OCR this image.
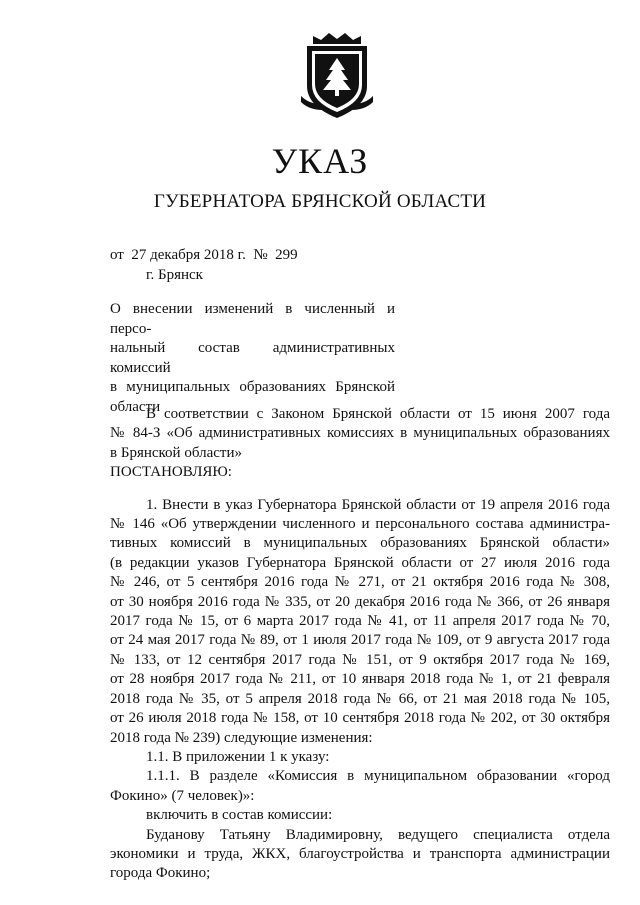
УКАЗ
ГУБЕРНАТОРА БРЯНСКОЙ ОБЛАСТИ
от  27 декабря 2018 г.  №  299
г. Брянск
О внесении изменений в численный и персо-
нальный состав административных комиссий
в муниципальных образованиях Брянской
области

В соответствии с Законом Брянской области от 15 июня 2007 года
№ 84-З «Об административных комиссиях в муниципальных образованиях
в Брянской области»

ПОСТАНОВЛЯЮ:

1. Внести в указ Губернатора Брянской области от 19 апреля 2016 года
№ 146 «Об утверждении численного и персонального состава администра-
тивных комиссий в муниципальных образованиях Брянской области»
(в редакции указов Губернатора Брянской области от 27 июля 2016 года
№ 246, от 5 сентября 2016 года № 271, от 21 октября 2016 года № 308,
от 30 ноября 2016 года № 335, от 20 декабря 2016 года № 366, от 26 января
2017 года № 15, от 6 марта 2017 года № 41, от 11 апреля 2017 года № 70,
от 24 мая 2017 года № 89, от 1 июля 2017 года № 109, от 9 августа 2017 года
№ 133, от 12 сентября 2017 года № 151, от 9 октября 2017 года № 169,
от 28 ноября 2017 года № 211, от 10 января 2018 года № 1, от 21 февраля
2018 года № 35, от 5 апреля 2018 года № 66, от 21 мая 2018 года № 105,
от 26 июля 2018 года № 158, от 10 сентября 2018 года № 202, от 30 октября
2018 года № 239) следующие изменения:

1.1. В приложении 1 к указу:

1.1.1. В разделе «Комиссия в муниципальном образовании «город
Фокино» (7 человек)»:

включить в состав комиссии:

Буданову Татьяну Владимировну, ведущего специалиста отдела
экономики и труда, ЖКХ, благоустройства и транспорта администрации
города Фокино;
